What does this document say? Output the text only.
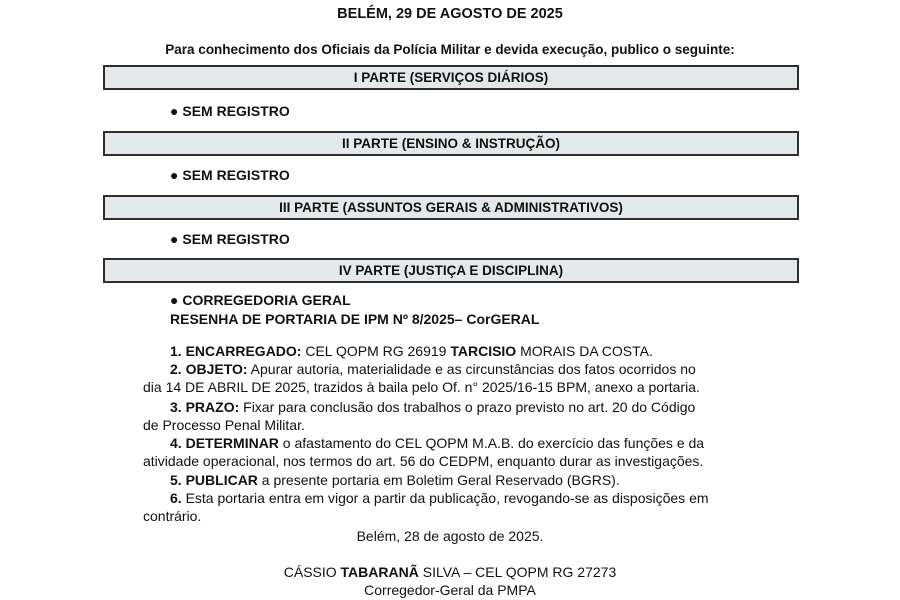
BELÉM, 29 DE AGOSTO DE 2025
Para conhecimento dos Oficiais da Polícia Militar e devida execução, publico o seguinte:
I PARTE (SERVIÇOS DIÁRIOS)
● SEM REGISTRO
II PARTE (ENSINO & INSTRUÇÃO)
● SEM REGISTRO
III PARTE (ASSUNTOS GERAIS & ADMINISTRATIVOS)
● SEM REGISTRO
IV PARTE (JUSTIÇA E DISCIPLINA)
● CORREGEDORIA GERAL
RESENHA DE PORTARIA DE IPM Nº 8/2025– CorGERAL
1. ENCARREGADO: CEL QOPM RG 26919 TARCISIO MORAIS DA COSTA.
2. OBJETO: Apurar autoria, materialidade e as circunstâncias dos fatos ocorridos no
dia 14 DE ABRIL DE 2025, trazidos à baila pelo Of. n° 2025/16-15 BPM, anexo a portaria.
3. PRAZO: Fixar para conclusão dos trabalhos o prazo previsto no art. 20 do Código
de Processo Penal Militar.
4. DETERMINAR o afastamento do CEL QOPM M.A.B. do exercício das funções e da
atividade operacional, nos termos do art. 56 do CEDPM, enquanto durar as investigações.
5. PUBLICAR a presente portaria em Boletim Geral Reservado (BGRS).
6. Esta portaria entra em vigor a partir da publicação, revogando-se as disposições em
contrário.
Belém, 28 de agosto de 2025.
CÁSSIO TABARANÃ SILVA – CEL QOPM RG 27273
Corregedor-Geral da PMPA
